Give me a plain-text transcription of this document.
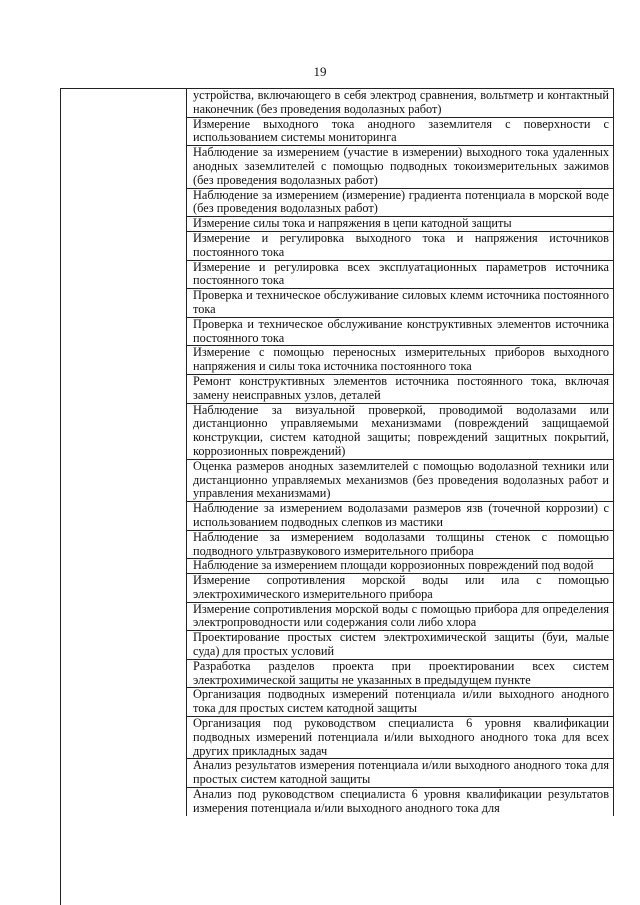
19
устройства, включающего в себя электрод сравнения, вольтметр и контактный наконечник (без проведения водолазных работ)
Измерение выходного тока анодного заземлителя с поверхности с использованием системы мониторинга
Наблюдение за измерением (участие в измерении) выходного тока удаленных анодных заземлителей с помощью подводных токоизмерительных зажимов (без проведения водолазных работ)
Наблюдение за измерением (измерение) градиента потенциала в морской воде (без проведения водолазных работ)
Измерение силы тока и напряжения в цепи катодной защиты
Измерение и регулировка выходного тока и напряжения источников постоянного тока
Измерение и регулировка всех эксплуатационных параметров источника постоянного тока
Проверка и техническое обслуживание силовых клемм источника постоянного тока
Проверка и техническое обслуживание конструктивных элементов источника постоянного тока
Измерение с помощью переносных измерительных приборов выходного напряжения и силы тока источника постоянного тока
Ремонт конструктивных элементов источника постоянного тока, включая замену неисправных узлов, деталей
Наблюдение за визуальной проверкой, проводимой водолазами или дистанционно управляемыми механизмами (повреждений защищаемой конструкции, систем катодной защиты; повреждений защитных покрытий, коррозионных повреждений)
Оценка размеров анодных заземлителей с помощью водолазной техники или дистанционно управляемых механизмов (без проведения водолазных работ и управления механизмами)
Наблюдение за измерением водолазами размеров язв (точечной коррозии) с использованием подводных слепков из мастики
Наблюдение за измерением водолазами толщины стенок с помощью подводного ультразвукового измерительного прибора
Наблюдение за измерением площади коррозионных повреждений под водой
Измерение сопротивления морской воды или ила с помощью электрохимического измерительного прибора
Измерение сопротивления морской воды с помощью прибора для определения электропроводности или содержания соли либо хлора
Проектирование простых систем электрохимической защиты (буи, малые суда) для простых условий
Разработка разделов проекта при проектировании всех систем электрохимической защиты не указанных в предыдущем пункте
Организация подводных измерений потенциала и/или выходного анодного тока для простых систем катодной защиты
Организация под руководством специалиста 6 уровня квалификации подводных измерений потенциала и/или выходного анодного тока для всех других прикладных задач
Анализ результатов измерения потенциала и/или выходного анодного тока для простых систем катодной защиты
Анализ под руководством специалиста 6 уровня квалификации результатов измерения потенциала и/или выходного анодного тока для
